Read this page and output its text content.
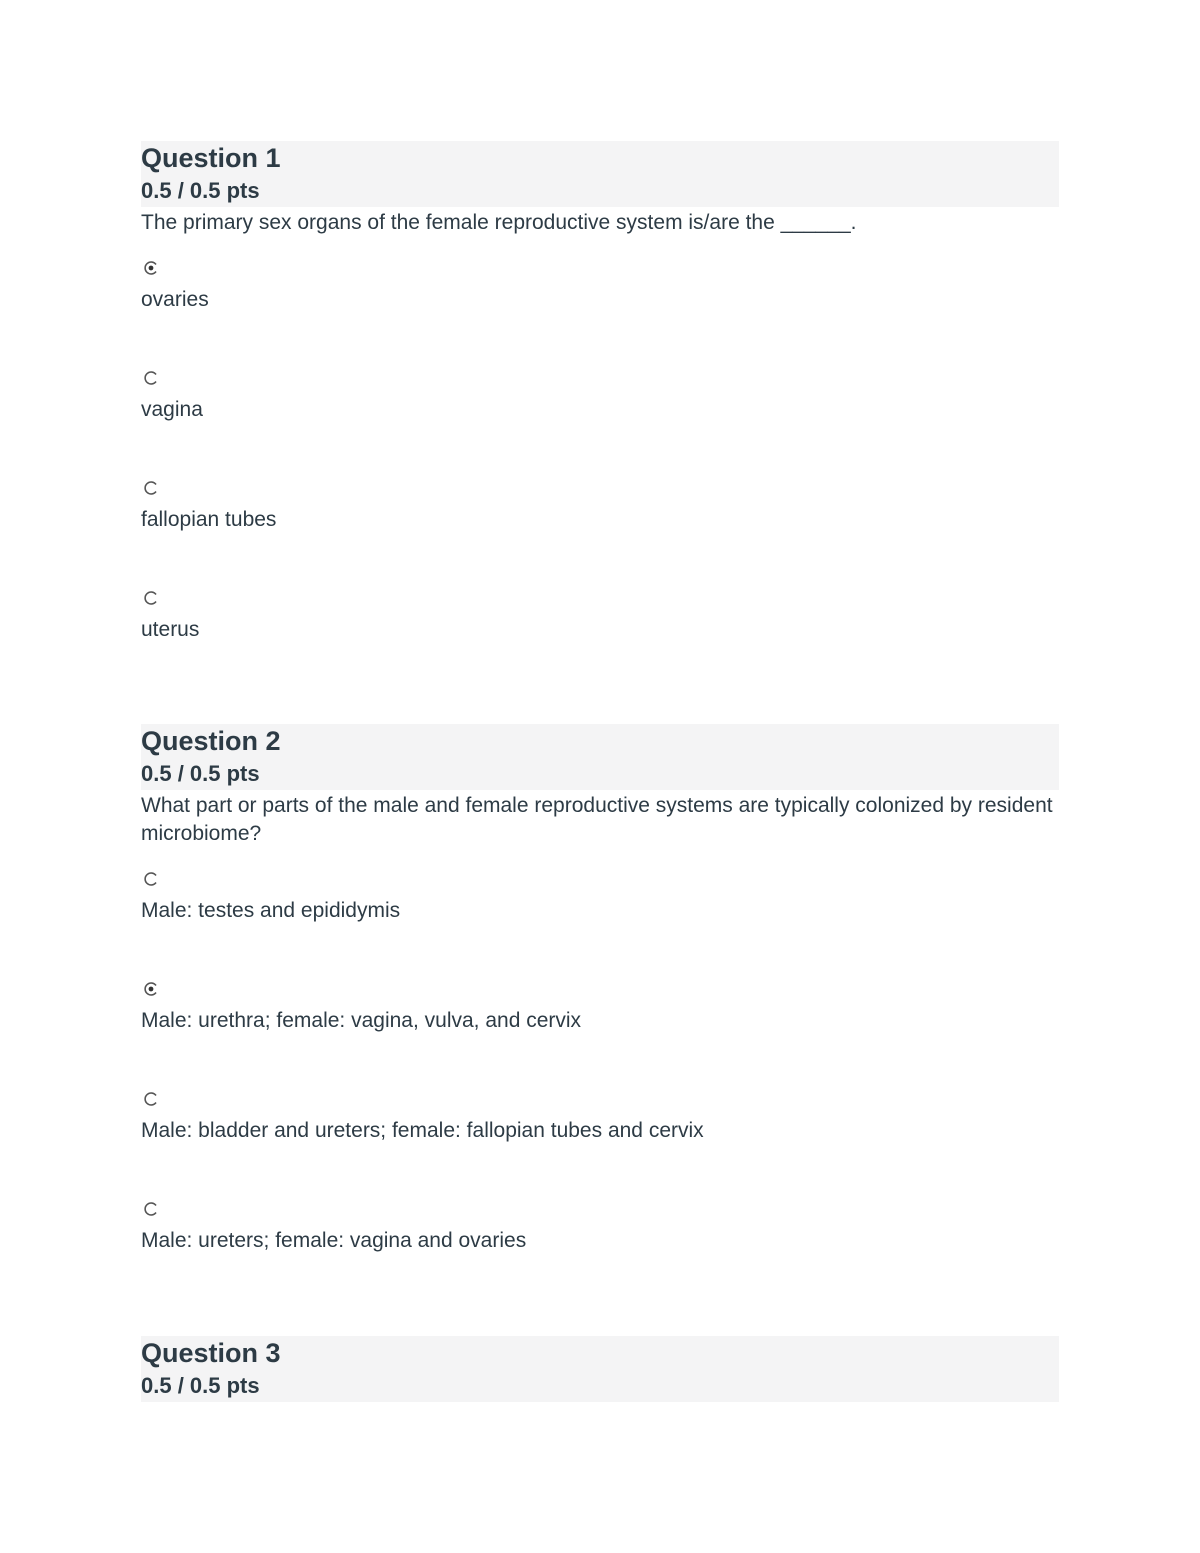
Question 1
0.5 / 0.5 pts

The primary sex organs of the female reproductive system is/are the ______.

ovaries
vagina
fallopian tubes
uterus
Question 2
0.5 / 0.5 pts

What part or parts of the male and female reproductive systems are typically colonized by resident microbiome?

Male: testes and epididymis
Male: urethra; female: vagina, vulva, and cervix
Male: bladder and ureters; female: fallopian tubes and cervix
Male: ureters; female: vagina and ovaries
Question 3
0.5 / 0.5 pts
